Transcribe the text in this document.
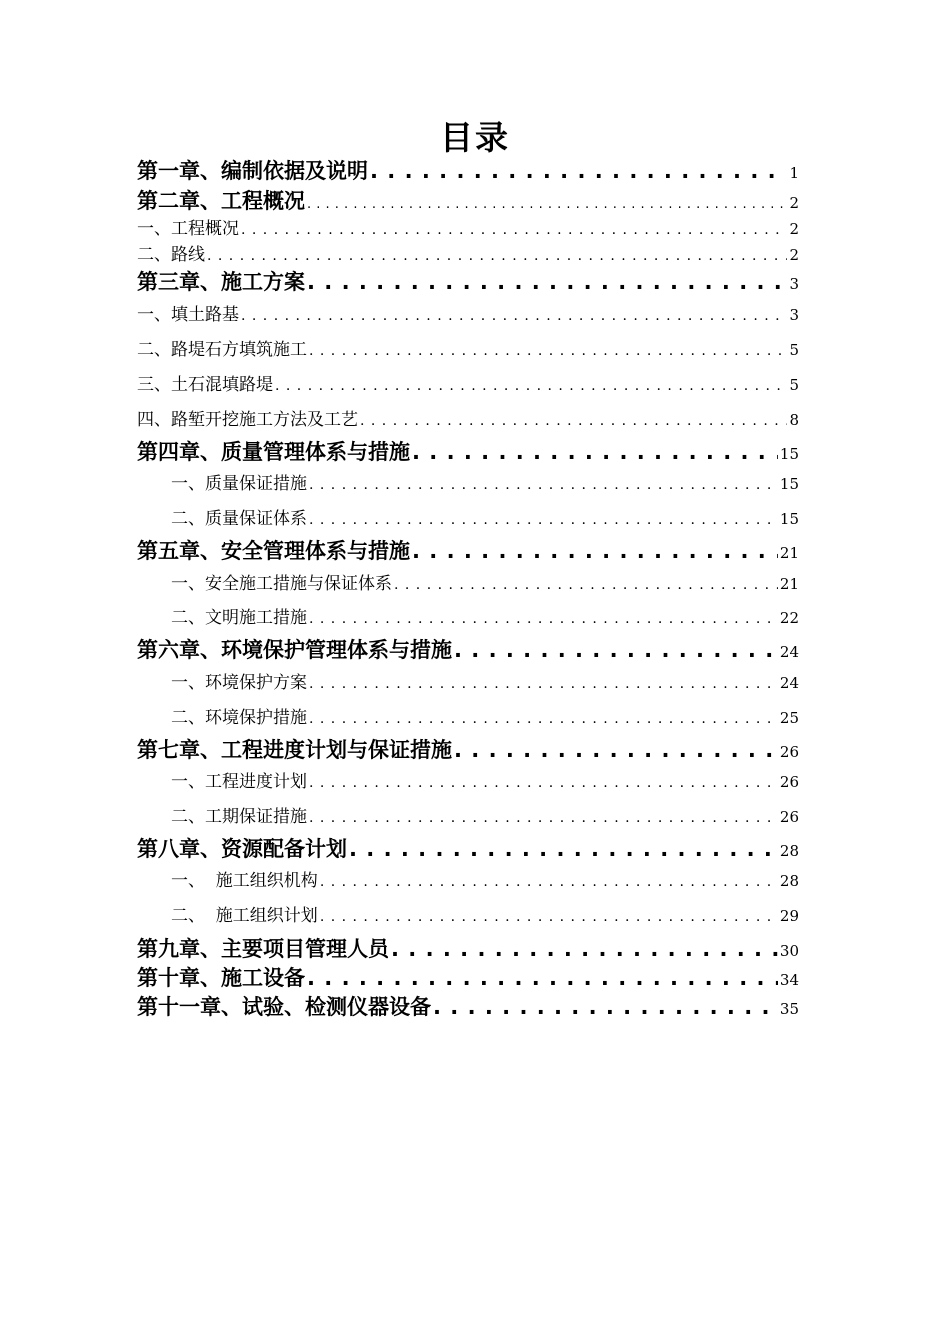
目录
第一章、编制依据及说明 . . .	1
第二章、工程概况 . . .	2
一、工程概况 . . .	2
二、路线 . . .	2
第三章、施工方案 . . .	3
一、填土路基 . . .	3
二、路堤石方填筑施工 . . .	5
三、土石混填路堤 . . .	5
四、路堑开挖施工方法及工艺 . . .	8
第四章、质量管理体系与措施 . . .	15
一、质量保证措施 . . .	15
二、质量保证体系 . . .	15
第五章、安全管理体系与措施 . . .	21
一、安全施工措施与保证体系 . . .	21
二、文明施工措施 . . .	22
第六章、环境保护管理体系与措施 . . .	24
一、环境保护方案 . . .	24
二、环境保护措施 . . .	25
第七章、工程进度计划与保证措施 . . .	26
一、工程进度计划 . . .	26
二、工期保证措施 . . .	26
第八章、资源配备计划 . . .	28
一、  施工组织机构 . . .	28
二、  施工组织计划 . . .	29
第九章、主要项目管理人员 . . .	30
第十章、施工设备 . . .	34
第十一章、试验、检测仪器设备 . . .	35
